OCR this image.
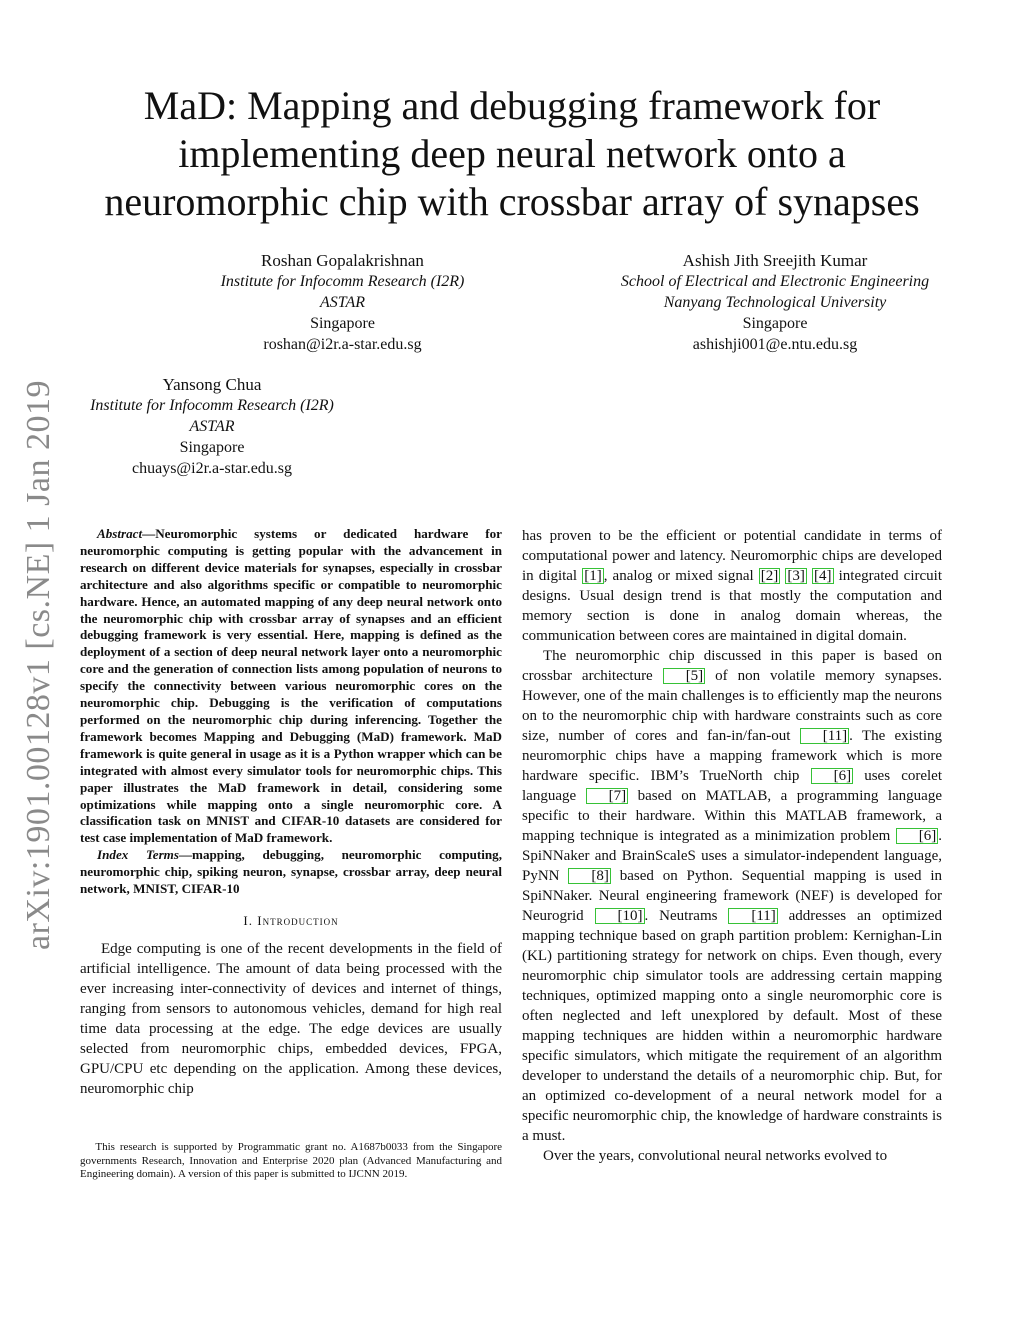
arXiv:1901.00128v1 [cs.NE] 1 Jan 2019
MaD: Mapping and debugging framework for implementing deep neural network onto a neuromorphic chip with crossbar array of synapses
Roshan Gopalakrishnan
Institute for Infocomm Research (I2R)
ASTAR
Singapore
roshan@i2r.a-star.edu.sg
Ashish Jith Sreejith Kumar
School of Electrical and Electronic Engineering
Nanyang Technological University
Singapore
ashishji001@e.ntu.edu.sg
Yansong Chua
Institute for Infocomm Research (I2R)
ASTAR
Singapore
chuays@i2r.a-star.edu.sg

Abstract—Neuromorphic systems or dedicated hardware for neuromorphic computing is getting popular with the advancement in research on different device materials for synapses, especially in crossbar architecture and also algorithms specific or compatible to neuromorphic hardware. Hence, an automated mapping of any deep neural network onto the neuromorphic chip with crossbar array of synapses and an efficient debugging framework is very essential. Here, mapping is defined as the deployment of a section of deep neural network layer onto a neuromorphic core and the generation of connection lists among population of neurons to specify the connectivity between various neuromorphic cores on the neuromorphic chip. Debugging is the verification of computations performed on the neuromorphic chip during inferencing. Together the framework becomes Mapping and Debugging (MaD) framework. MaD framework is quite general in usage as it is a Python wrapper which can be integrated with almost every simulator tools for neuromorphic chips. This paper illustrates the MaD framework in detail, considering some optimizations while mapping onto a single neuromorphic core. A classification task on MNIST and CIFAR-10 datasets are considered for test case implementation of MaD framework.

Index Terms—mapping, debugging, neuromorphic computing, neuromorphic chip, spiking neuron, synapse, crossbar array, deep neural network, MNIST, CIFAR-10

I. Introduction

Edge computing is one of the recent developments in the field of artificial intelligence. The amount of data being processed with the ever increasing inter-connectivity of devices and internet of things, ranging from sensors to autonomous vehicles, demand for high real time data processing at the edge. The edge devices are usually selected from neuromorphic chips, embedded devices, FPGA, GPU/CPU etc depending on the application. Among these devices, neuromorphic chip

This research is supported by Programmatic grant no. A1687b0033 from the Singapore governments Research, Innovation and Enterprise 2020 plan (Advanced Manufacturing and Engineering domain). A version of this paper is submitted to IJCNN 2019.

has proven to be the efficient or potential candidate in terms of computational power and latency. Neuromorphic chips are developed in digital [1] , analog or mixed signal [2] [3] [4] integrated circuit designs. Usual design trend is that mostly the computation and memory section is done in analog domain whereas, the communication between cores are maintained in digital domain.

The neuromorphic chip discussed in this paper is based on crossbar architecture [5] of non volatile memory synapses. However, one of the main challenges is to efficiently map the neurons on to the neuromorphic chip with hardware constraints such as core size, number of cores and fan-in/fan-out [11] . The existing neuromorphic chips have a mapping framework which is more hardware specific. IBM’s TrueNorth chip [6] uses corelet language [7] based on MATLAB, a programming language specific to their hardware. Within this MATLAB framework, a mapping technique is integrated as a minimization problem [6] . SpiNNaker and BrainScaleS uses a simulator-independent language, PyNN [8] based on Python. Sequential mapping is used in SpiNNaker. Neural engineering framework (NEF) is developed for Neurogrid [10] . Neutrams [11] addresses an optimized mapping technique based on graph partition problem: Kernighan-Lin (KL) partitioning strategy for network on chips. Even though, every neuromorphic chip simulator tools are addressing certain mapping techniques, optimized mapping onto a single neuromorphic core is often neglected and left unexplored by default. Most of these mapping techniques are hidden within a neuromorphic hardware specific simulators, which mitigate the requirement of an algorithm developer to understand the details of a neuromorphic chip. But, for an optimized co-development of a neural network model for a specific neuromorphic chip, the knowledge of hardware constraints is a must.

Over the years, convolutional neural networks evolved to
